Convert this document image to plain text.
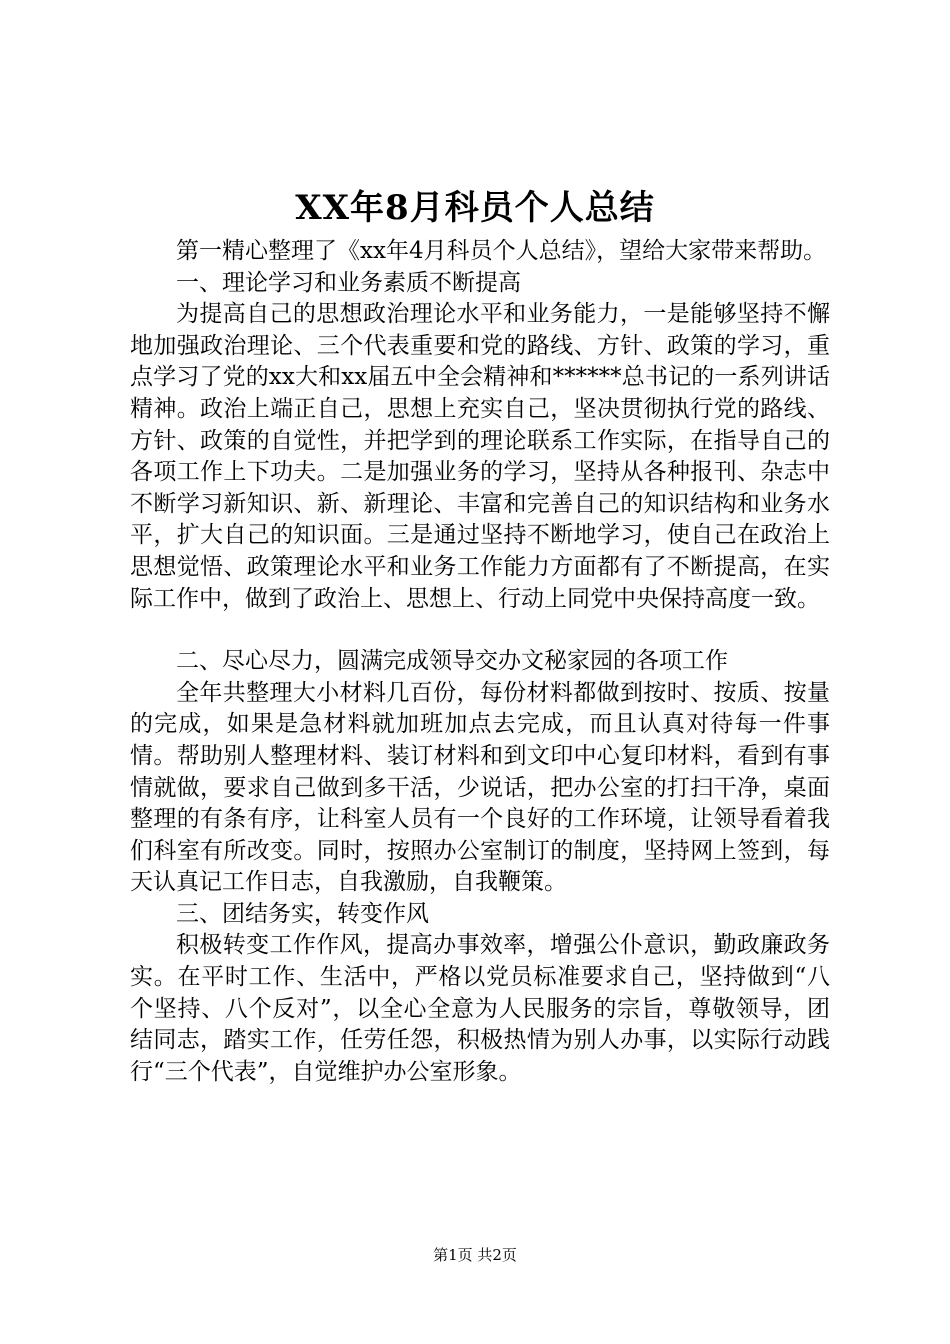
XX年8月科员个人总结

第一精心整理了《xx年4月科员个人总结》，望给大家带来帮助。

一、理论学习和业务素质不断提高

为提高自己的思想政治理论水平和业务能力，一是能够坚持不懈地加强政治理论、三个代表重要和党的路线、方针、政策的学习，重点学习了党的xx大和xx届五中全会精神和******总书记的一系列讲话精神。政治上端正自己，思想上充实自己，坚决贯彻执行党的路线、方针、政策的自觉性，并把学到的理论联系工作实际，在指导自己的各项工作上下功夫。二是加强业务的学习，坚持从各种报刊、杂志中不断学习新知识、新、新理论、丰富和完善自己的知识结构和业务水平，扩大自己的知识面。三是通过坚持不断地学习，使自己在政治上思想觉悟、政策理论水平和业务工作能力方面都有了不断提高，在实际工作中，做到了政治上、思想上、行动上同党中央保持高度一致。

二、尽心尽力，圆满完成领导交办文秘家园的各项工作

全年共整理大小材料几百份，每份材料都做到按时、按质、按量的完成，如果是急材料就加班加点去完成，而且认真对待每一件事情。帮助别人整理材料、装订材料和到文印中心复印材料，看到有事情就做，要求自己做到多干活，少说话，把办公室的打扫干净，桌面整理的有条有序，让科室人员有一个良好的工作环境，让领导看着我们科室有所改变。同时，按照办公室制订的制度，坚持网上签到，每天认真记工作日志，自我激励，自我鞭策。

三、团结务实，转变作风

积极转变工作作风，提高办事效率，增强公仆意识，勤政廉政务实。在平时工作、生活中，严格以党员标准要求自己，坚持做到“八个坚持、八个反对”，以全心全意为人民服务的宗旨，尊敬领导，团结同志，踏实工作，任劳任怨，积极热情为别人办事，以实际行动践行“三个代表”，自觉维护办公室形象。

第1页 共2页
